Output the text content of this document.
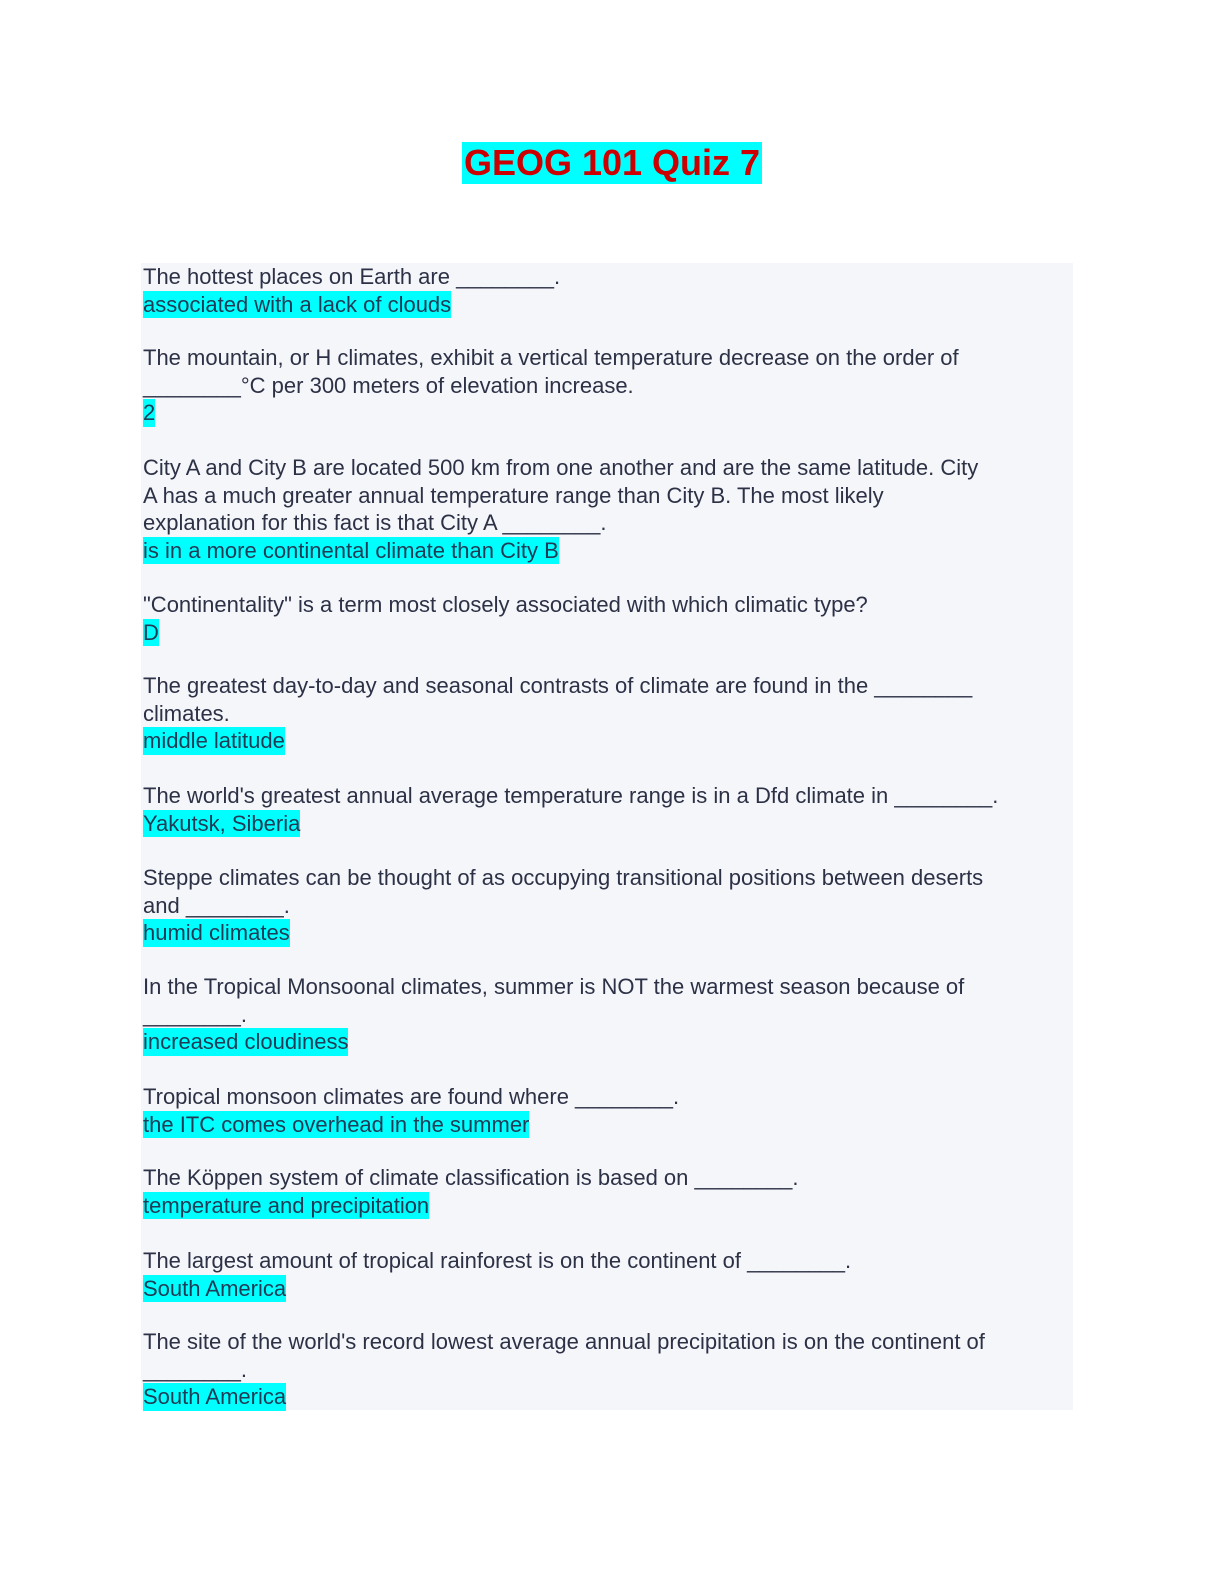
GEOG 101 Quiz 7
The hottest places on Earth are ________.
associated with a lack of clouds
The mountain, or H climates, exhibit a vertical temperature decrease on the order of
________°C per 300 meters of elevation increase.
2
City A and City B are located 500 km from one another and are the same latitude. City
A has a much greater annual temperature range than City B. The most likely
explanation for this fact is that City A ________.
is in a more continental climate than City B
"Continentality" is a term most closely associated with which climatic type?
D
The greatest day-to-day and seasonal contrasts of climate are found in the ________
climates.
middle latitude
The world's greatest annual average temperature range is in a Dfd climate in ________.
Yakutsk, Siberia
Steppe climates can be thought of as occupying transitional positions between deserts
and ________.
humid climates
In the Tropical Monsoonal climates, summer is NOT the warmest season because of
________.
increased cloudiness
Tropical monsoon climates are found where ________.
the ITC comes overhead in the summer
The Köppen system of climate classification is based on ________.
temperature and precipitation
The largest amount of tropical rainforest is on the continent of ________.
South America
The site of the world's record lowest average annual precipitation is on the continent of
________.
South America
